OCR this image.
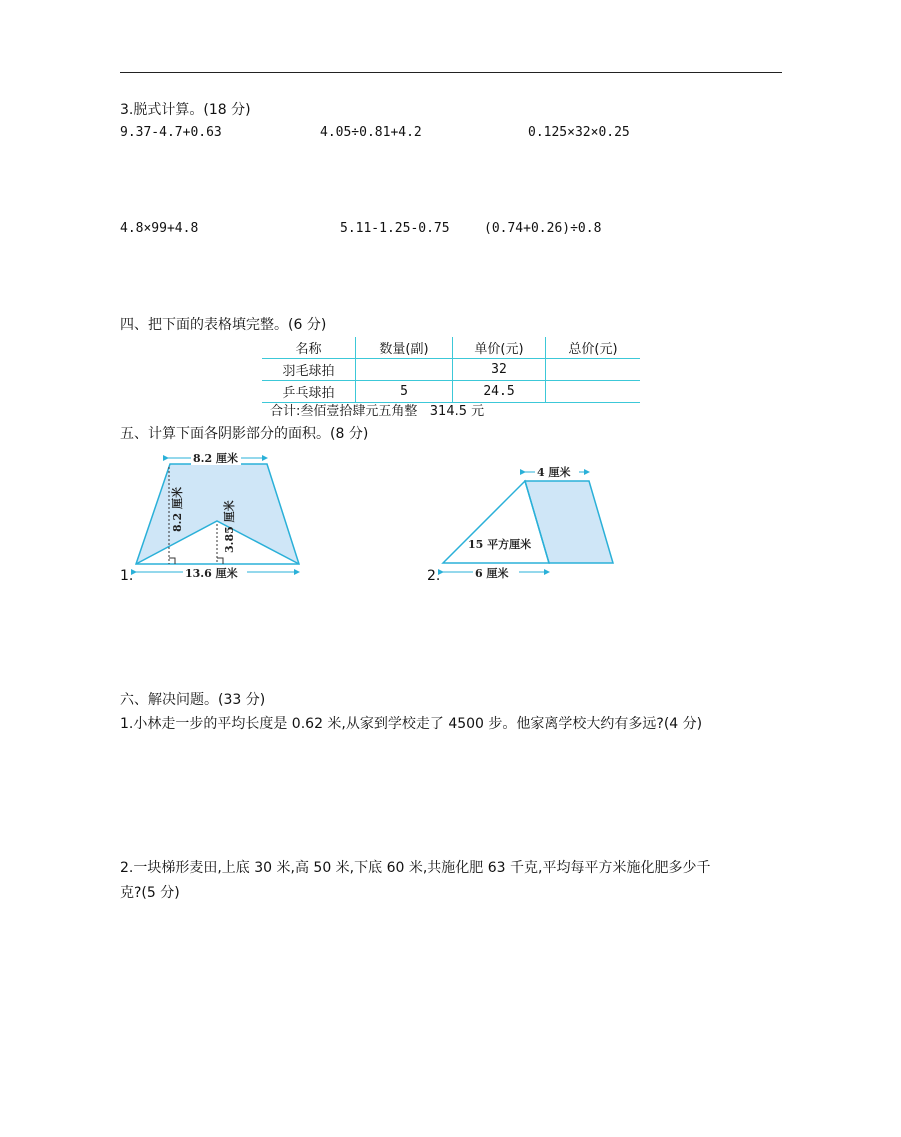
3.脱式计算。(18 分)
9.37-4.7+0.63	4.05÷0.81+4.2	0.125×32×0.25
4.8×99+4.8	5.11-1.25-0.75	(0.74+0.26)÷0.8
四、把下面的表格填完整。(6 分)
名称	数量(副)	单价(元)	总价(元)
羽毛球拍		32	
乒乓球拍	5	24.5	
合计:叁佰壹拾肆元五角整   314.5 元
五、计算下面各阴影部分的面积。(8 分)
8.2 厘米
13.6 厘米
8.2 厘米	3.85 厘米
1.
4 厘米
6 厘米
15 平方厘米
2.
六、解决问题。(33 分)
1.小林走一步的平均长度是 0.62 米,从家到学校走了 4500 步。他家离学校大约有多远?(4 分)
2.一块梯形麦田,上底 30 米,高 50 米,下底 60 米,共施化肥 63 千克,平均每平方米施化肥多少千
克?(5 分)
